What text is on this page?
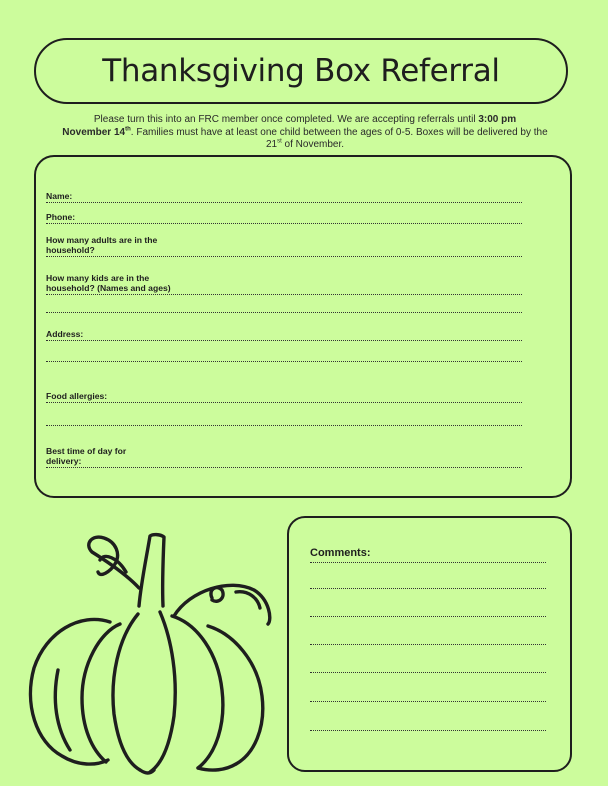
Thanksgiving Box Referral
Please turn this into an FRC member once completed. We are accepting referrals until 3:00 pm
November 14th. Families must have at least one child between the ages of 0-5. Boxes will be delivered by the 21st of November.
Name:
Phone:
How many adults are in the household?
How many kids are in the household? (Names and ages)
Address:
Food allergies:
Best time of day for delivery:
Comments:
